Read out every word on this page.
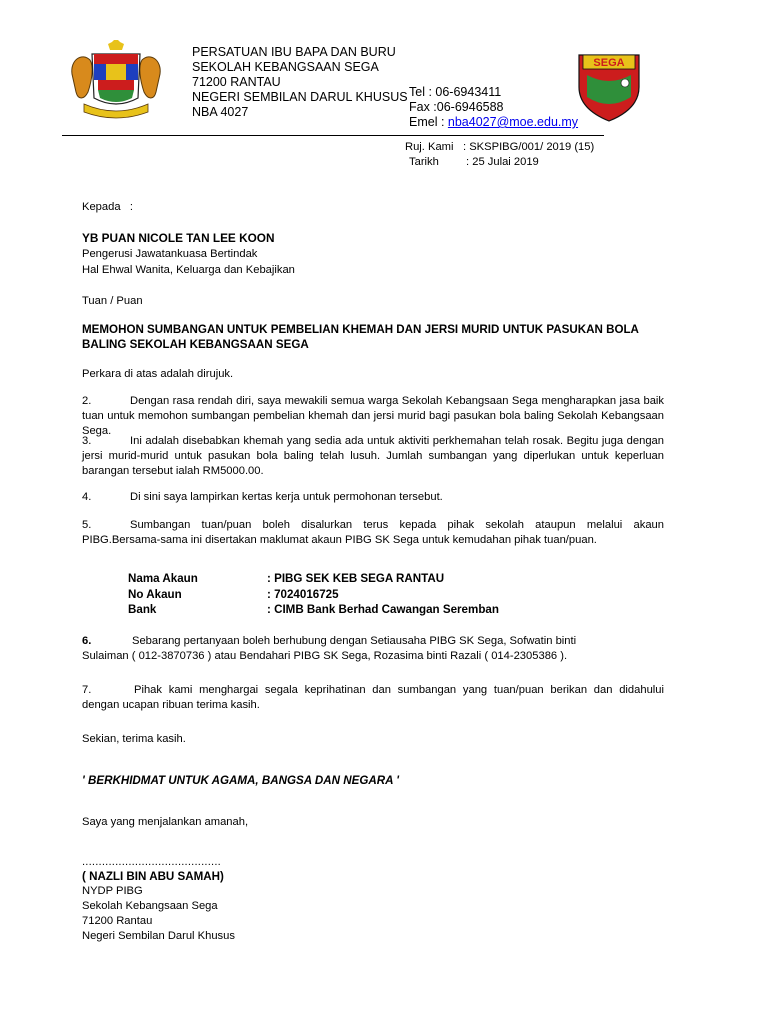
PERSATUAN IBU BAPA DAN BURU
SEKOLAH KEBANGSAAN SEGA
71200 RANTAU
NEGERI SEMBILAN DARUL KHUSUS
NBA 4027
Tel : 06-6943411
Fax :06-6946588
Emel : nba4027@moe.edu.my
SEGA
Ruj. Kami : SKSPIBG/001/ 2019 (15)
Tarikh : 25 Julai 2019
Kepada   :
YB PUAN NICOLE TAN LEE KOON
Pengerusi Jawatankuasa Bertindak
Hal Ehwal Wanita, Keluarga dan Kebajikan
Tuan / Puan
MEMOHON SUMBANGAN UNTUK PEMBELIAN KHEMAH DAN JERSI MURID UNTUK PASUKAN BOLA BALING SEKOLAH KEBANGSAAN SEGA
Perkara di atas adalah dirujuk.
2.	Dengan rasa rendah diri, saya mewakili semua warga Sekolah Kebangsaan Sega mengharapkan jasa baik tuan untuk memohon sumbangan pembelian khemah dan jersi murid bagi pasukan bola baling Sekolah Kebangsaan Sega.
3.	Ini adalah disebabkan khemah yang sedia ada untuk aktiviti perkhemahan telah rosak. Begitu juga dengan jersi murid-murid untuk pasukan bola baling telah lusuh. Jumlah sumbangan yang diperlukan untuk keperluan barangan tersebut ialah RM5000.00.
4.	Di sini saya lampirkan kertas kerja untuk permohonan tersebut.
5.	Sumbangan tuan/puan boleh disalurkan terus kepada pihak sekolah ataupun melalui akaun PIBG.Bersama-sama ini disertakan maklumat akaun PIBG SK Sega untuk kemudahan pihak tuan/puan.
Nama Akaun	: PIBG SEK KEB SEGA RANTAU
No Akaun	: 7024016725
Bank	: CIMB Bank Berhad Cawangan Seremban
6.	Sebarang pertanyaan boleh berhubung dengan Setiausaha PIBG SK Sega, Sofwatin binti Sulaiman ( 012-3870736 ) atau Bendahari PIBG SK Sega, Rozasima binti Razali ( 014-2305386 ).
7.	Pihak kami menghargai segala keprihatinan dan sumbangan yang tuan/puan berikan dan didahului dengan ucapan ribuan terima kasih.
Sekian, terima kasih.
' BERKHIDMAT UNTUK AGAMA, BANGSA DAN NEGARA '
Saya yang menjalankan amanah,
..........................................
( NAZLI BIN ABU SAMAH)
NYDP PIBG
Sekolah Kebangsaan Sega
71200 Rantau
Negeri Sembilan Darul Khusus
